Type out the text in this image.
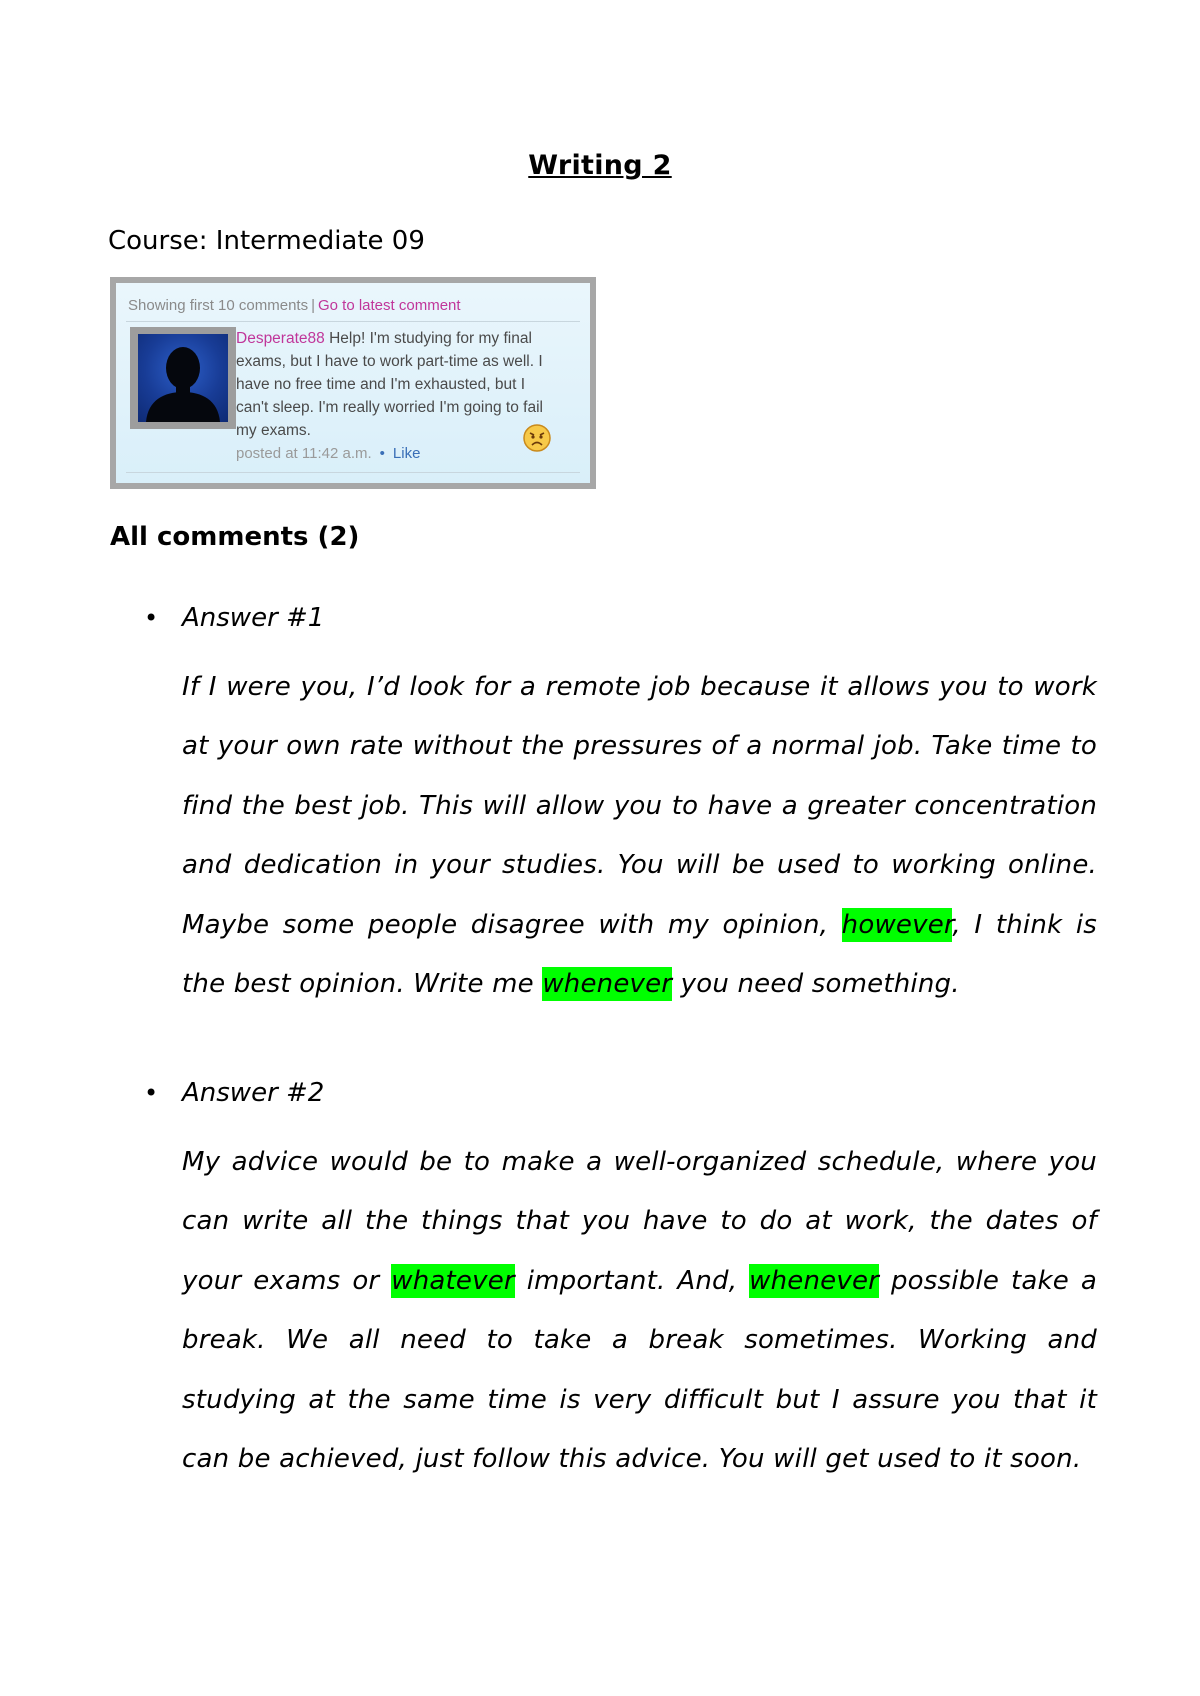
Writing 2
Course: Intermediate 09
Showing first 10 comments | Go to latest comment
Desperate88 Help! I'm studying for my final exams, but I have to work part-time as well. I have no free time and I'm exhausted, but I can't sleep. I'm really worried I'm going to fail my exams.
posted at 11:42 a.m. • Like
All comments (2)
• Answer #1
If I were you, I’d look for a remote job because it allows you to work at your own rate without the pressures of a normal job. Take time to find the best job. This will allow you to have a greater concentration and dedication in your studies. You will be used to working online. Maybe some people disagree with my opinion, however, I think is the best opinion. Write me whenever you need something.
• Answer #2
My advice would be to make a well-organized schedule, where you can write all the things that you have to do at work, the dates of your exams or whatever important. And, whenever possible take a break. We all need to take a break sometimes. Working and studying at the same time is very difficult but I assure you that it can be achieved, just follow this advice. You will get used to it soon.
